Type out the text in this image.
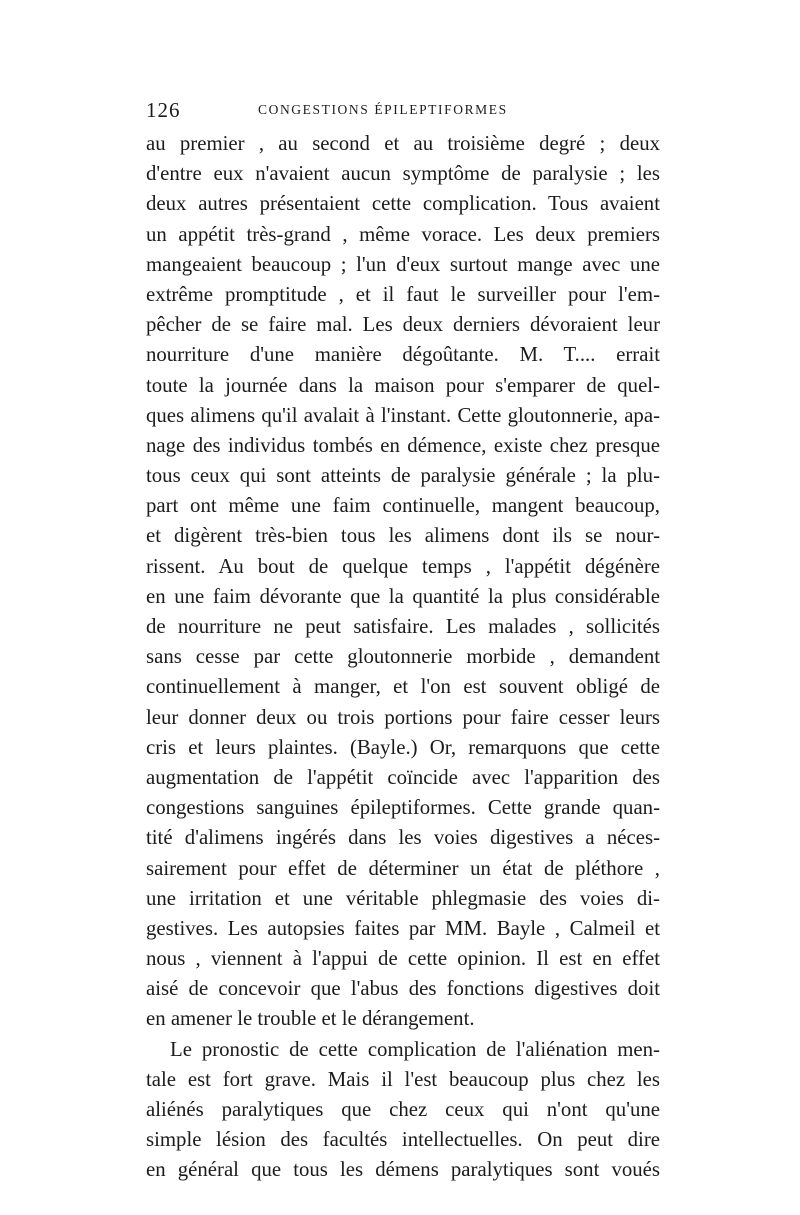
126	CONGESTIONS ÉPILEPTIFORMES
au premier , au second et au troisième degré ; deux
d'entre eux n'avaient aucun symptôme de paralysie ; les
deux autres présentaient cette complication. Tous avaient
un appétit très-grand , même vorace. Les deux premiers
mangeaient beaucoup ; l'un d'eux surtout mange avec une
extrême promptitude , et il faut le surveiller pour l'em-
pêcher de se faire mal. Les deux derniers dévoraient leur
nourriture d'une manière dégoûtante. M. T.... errait
toute la journée dans la maison pour s'emparer de quel-
ques alimens qu'il avalait à l'instant. Cette gloutonnerie, apa-
nage des individus tombés en démence, existe chez presque
tous ceux qui sont atteints de paralysie générale ; la plu-
part ont même une faim continuelle, mangent beaucoup,
et digèrent très-bien tous les alimens dont ils se nour-
rissent. Au bout de quelque temps , l'appétit dégénère
en une faim dévorante que la quantité la plus considérable
de nourriture ne peut satisfaire. Les malades , sollicités
sans cesse par cette gloutonnerie morbide , demandent
continuellement à manger, et l'on est souvent obligé de
leur donner deux ou trois portions pour faire cesser leurs
cris et leurs plaintes. (Bayle.) Or, remarquons que cette
augmentation de l'appétit coïncide avec l'apparition des
congestions sanguines épileptiformes. Cette grande quan-
tité d'alimens ingérés dans les voies digestives a néces-
sairement pour effet de déterminer un état de pléthore ,
une irritation et une véritable phlegmasie des voies di-
gestives. Les autopsies faites par MM. Bayle , Calmeil et
nous , viennent à l'appui de cette opinion. Il est en effet
aisé de concevoir que l'abus des fonctions digestives doit
en amener le trouble et le dérangement.
Le pronostic de cette complication de l'aliénation men-
tale est fort grave. Mais il l'est beaucoup plus chez les
aliénés paralytiques que chez ceux qui n'ont qu'une
simple lésion des facultés intellectuelles. On peut dire
en général que tous les démens paralytiques sont voués
